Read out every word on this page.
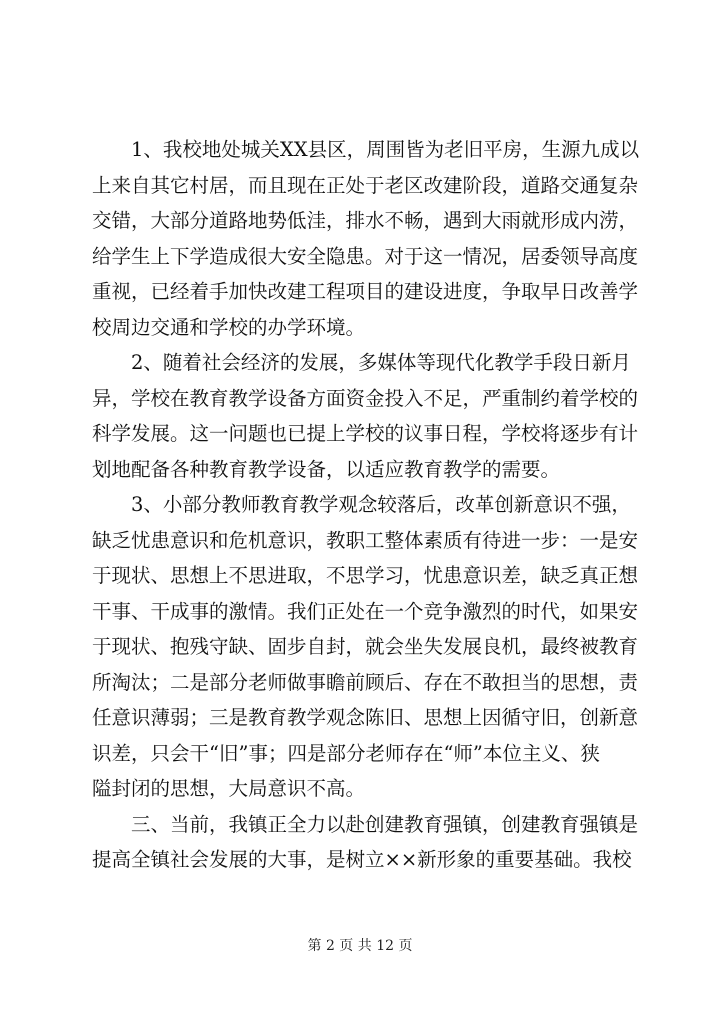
　　1、我校地处城关XX县区，周围皆为老旧平房，生源九成以
上来自其它村居，而且现在正处于老区改建阶段，道路交通复杂
交错，大部分道路地势低洼，排水不畅，遇到大雨就形成内涝，
给学生上下学造成很大安全隐患。对于这一情况，居委领导高度
重视，已经着手加快改建工程项目的建设进度，争取早日改善学
校周边交通和学校的办学环境。
　　2、随着社会经济的发展，多媒体等现代化教学手段日新月
异，学校在教育教学设备方面资金投入不足，严重制约着学校的
科学发展。这一问题也已提上学校的议事日程，学校将逐步有计
划地配备各种教育教学设备，以适应教育教学的需要。
　　3、小部分教师教育教学观念较落后，改革创新意识不强，
缺乏忧患意识和危机意识，教职工整体素质有待进一步：一是安
于现状、思想上不思进取，不思学习，忧患意识差，缺乏真正想
干事、干成事的激情。我们正处在一个竞争激烈的时代，如果安
于现状、抱残守缺、固步自封，就会坐失发展良机，最终被教育
所淘汰；二是部分老师做事瞻前顾后、存在不敢担当的思想，责
任意识薄弱；三是教育教学观念陈旧、思想上因循守旧，创新意
识差，只会干“旧”事；四是部分老师存在“师”本位主义、狭
隘封闭的思想，大局意识不高。
　　三、当前，我镇正全力以赴创建教育强镇，创建教育强镇是
提高全镇社会发展的大事，是树立××新形象的重要基础。我校
第 2 页 共 12 页
